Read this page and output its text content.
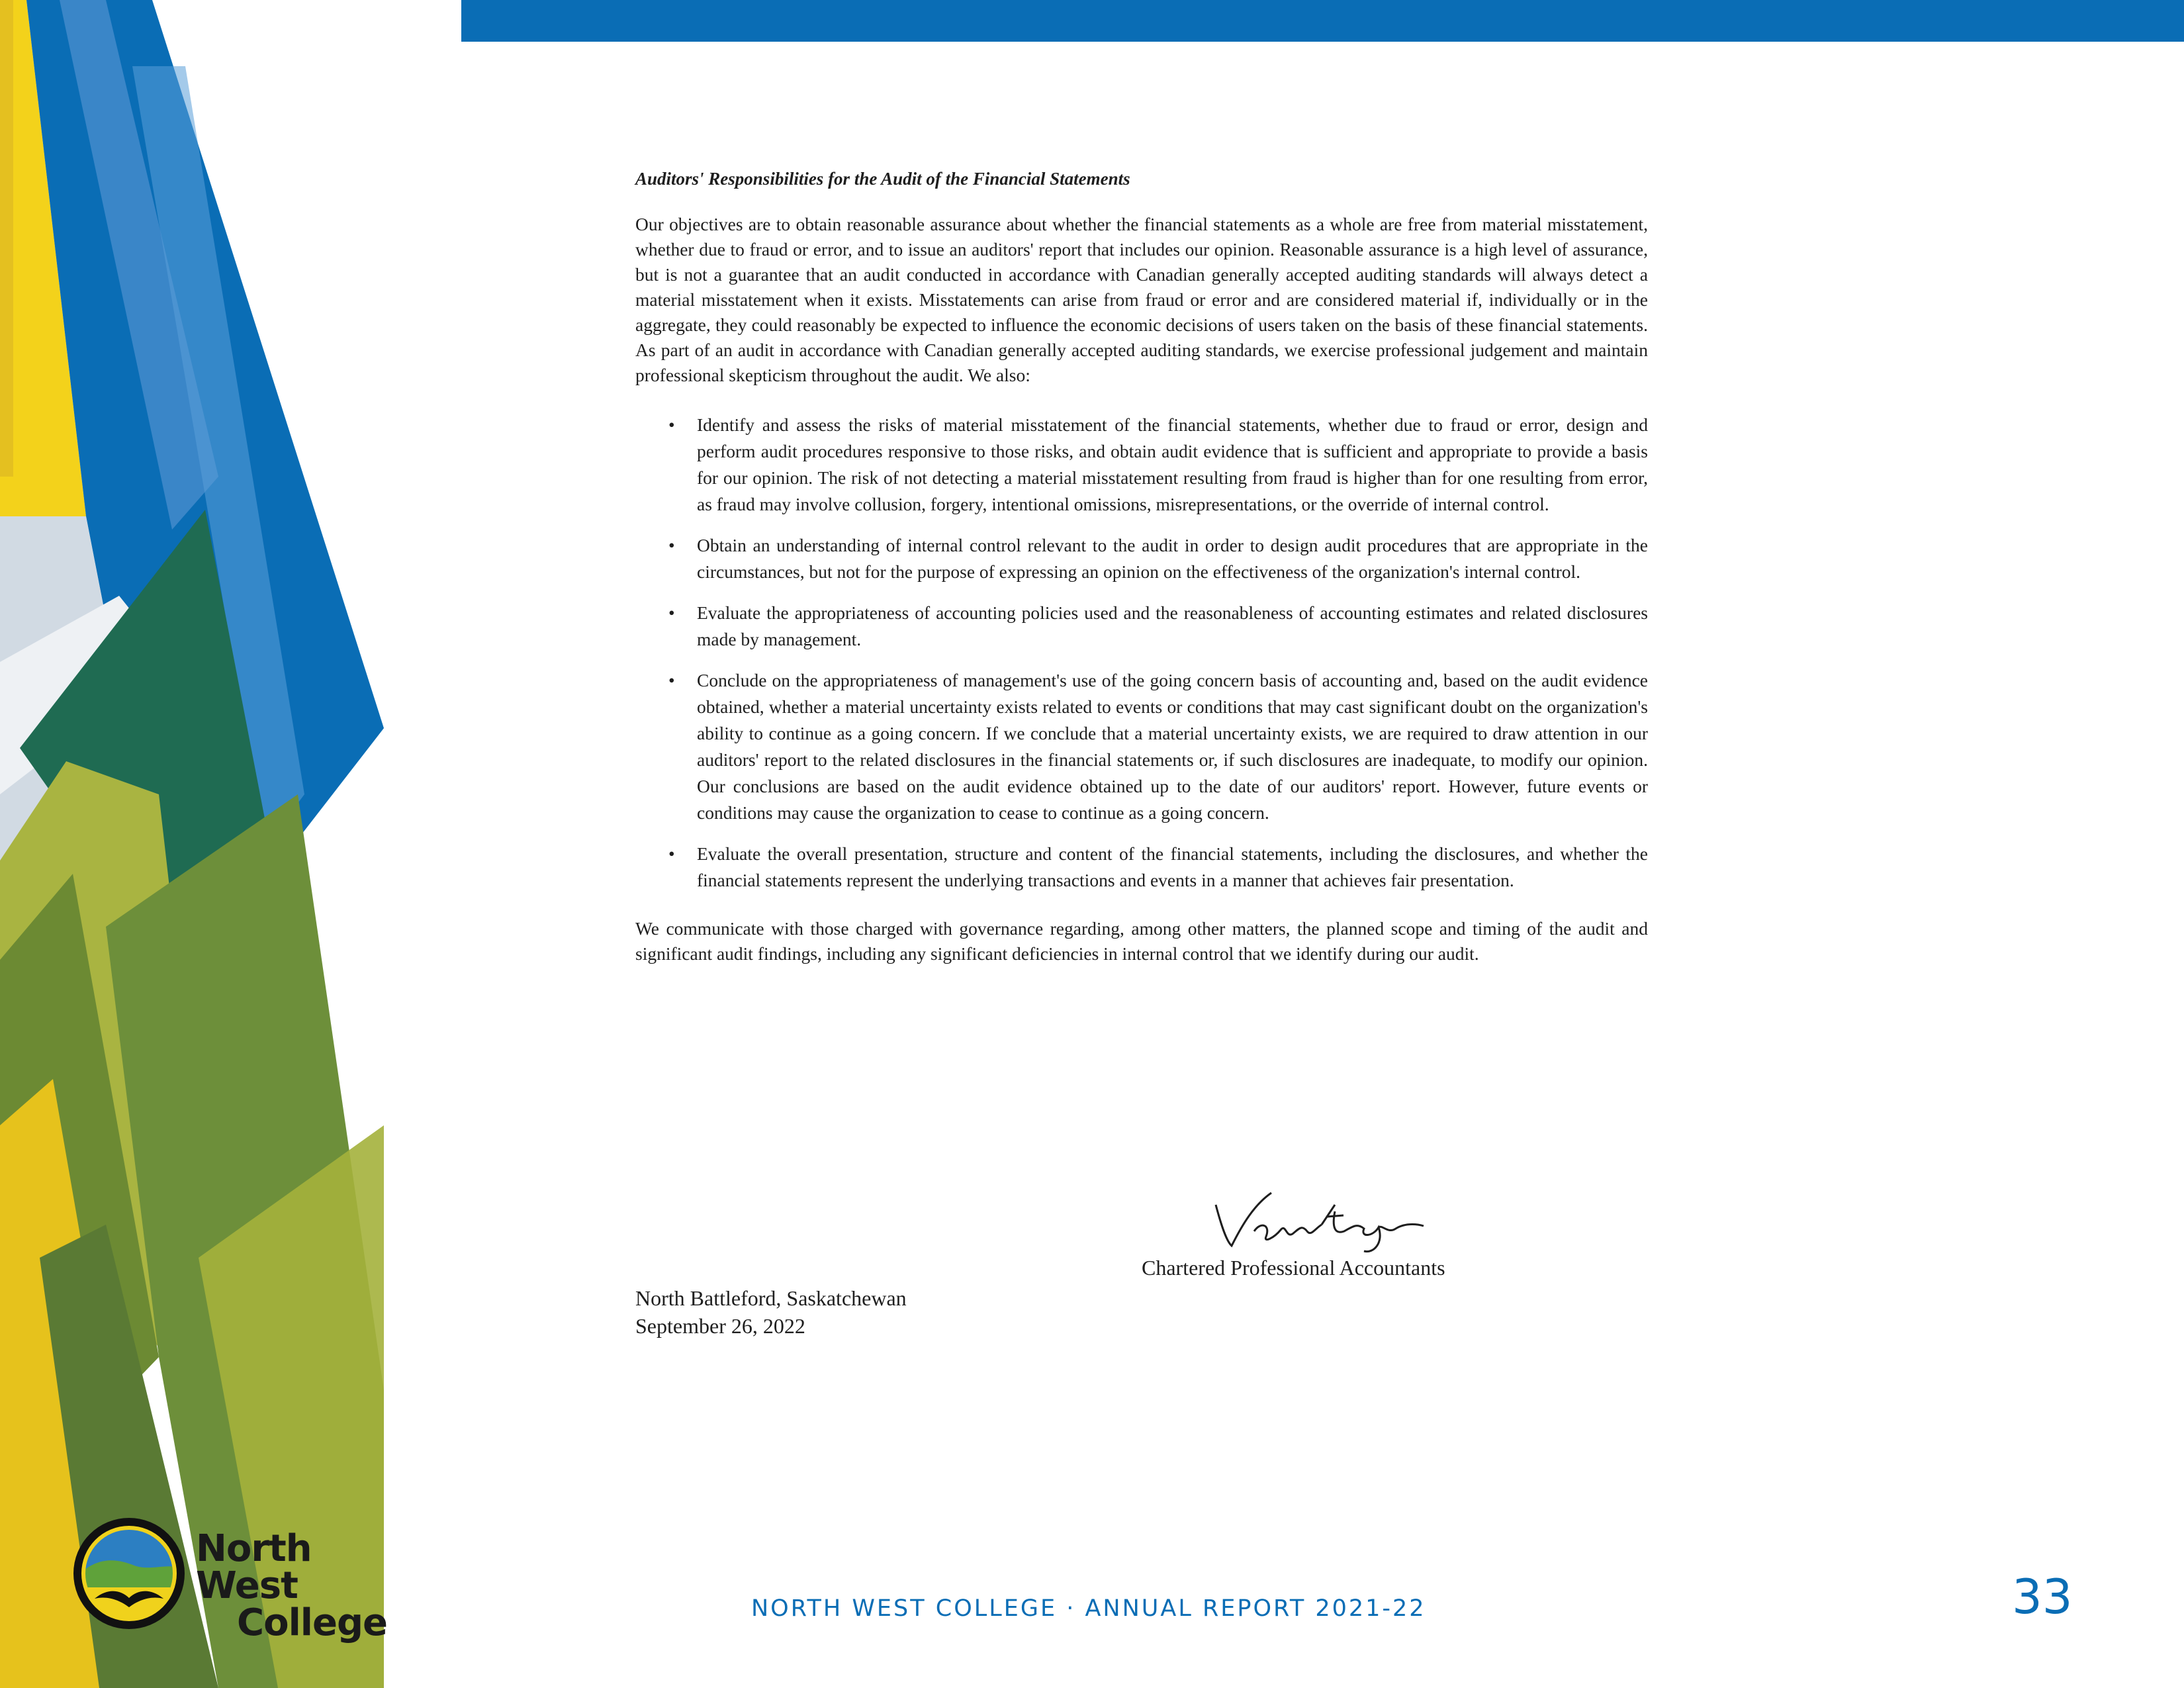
Auditors' Responsibilities for the Audit of the Financial Statements

Our objectives are to obtain reasonable assurance about whether the financial statements as a whole are free from material misstatement, whether due to fraud or error, and to issue an auditors' report that includes our opinion. Reasonable assurance is a high level of assurance, but is not a guarantee that an audit conducted in accordance with Canadian generally accepted auditing standards will always detect a material misstatement when it exists. Misstatements can arise from fraud or error and are considered material if, individually or in the aggregate, they could reasonably be expected to influence the economic decisions of users taken on the basis of these financial statements. As part of an audit in accordance with Canadian generally accepted auditing standards, we exercise professional judgement and maintain professional skepticism throughout the audit. We also:

• Identify and assess the risks of material misstatement of the financial statements, whether due to fraud or error, design and perform audit procedures responsive to those risks, and obtain audit evidence that is sufficient and appropriate to provide a basis for our opinion. The risk of not detecting a material misstatement resulting from fraud is higher than for one resulting from error, as fraud may involve collusion, forgery, intentional omissions, misrepresentations, or the override of internal control.
• Obtain an understanding of internal control relevant to the audit in order to design audit procedures that are appropriate in the circumstances, but not for the purpose of expressing an opinion on the effectiveness of the organization's internal control.
• Evaluate the appropriateness of accounting policies used and the reasonableness of accounting estimates and related disclosures made by management.
• Conclude on the appropriateness of management's use of the going concern basis of accounting and, based on the audit evidence obtained, whether a material uncertainty exists related to events or conditions that may cast significant doubt on the organization's ability to continue as a going concern. If we conclude that a material uncertainty exists, we are required to draw attention in our auditors' report to the related disclosures in the financial statements or, if such disclosures are inadequate, to modify our opinion. Our conclusions are based on the audit evidence obtained up to the date of our auditors' report. However, future events or conditions may cause the organization to cease to continue as a going concern.
• Evaluate the overall presentation, structure and content of the financial statements, including the disclosures, and whether the financial statements represent the underlying transactions and events in a manner that achieves fair presentation.

We communicate with those charged with governance regarding, among other matters, the planned scope and timing of the audit and significant audit findings, including any significant deficiencies in internal control that we identify during our audit.

Chartered Professional Accountants
North Battleford, Saskatchewan
September 26, 2022
North West
College	NORTH WEST COLLEGE · ANNUAL REPORT 2021-22	33
